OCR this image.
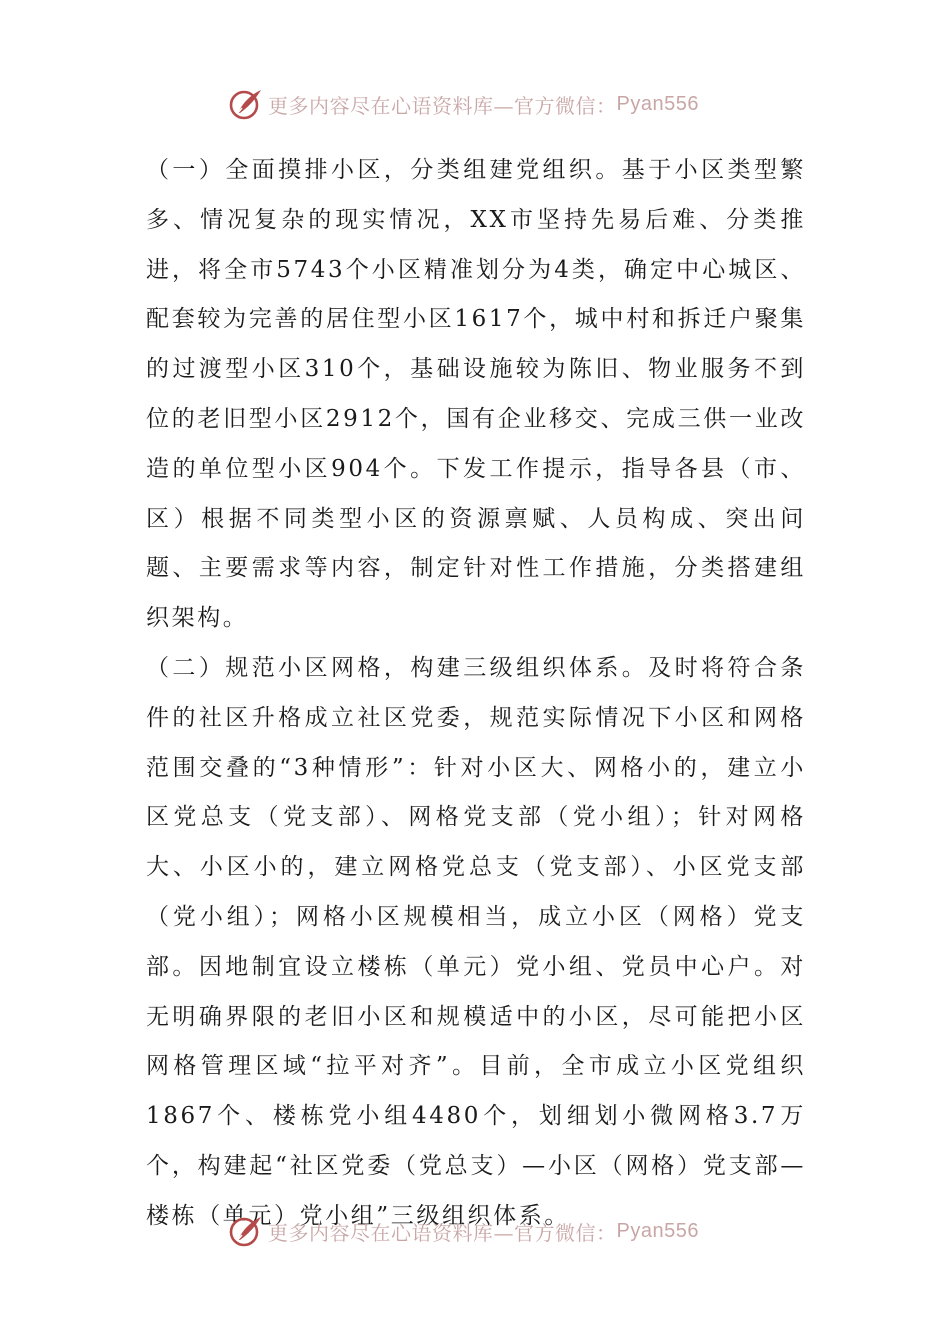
更多内容尽在心语资料库—官方微信： Pyan556

（一）全面摸排小区，分类组建党组织。基于小区类型繁多、情况复杂的现实情况，XX市坚持先易后难、分类推进，将全市5743个小区精准划分为4类，确定中心城区、配套较为完善的居住型小区1617个，城中村和拆迁户聚集的过渡型小区310个，基础设施较为陈旧、物业服务不到位的老旧型小区2912个，国有企业移交、完成三供一业改造的单位型小区904个。下发工作提示，指导各县（市、区）根据不同类型小区的资源禀赋、人员构成、突出问题、主要需求等内容，制定针对性工作措施，分类搭建组织架构。

（二）规范小区网格，构建三级组织体系。及时将符合条件的社区升格成立社区党委，规范实际情况下小区和网格范围交叠的“3种情形”：针对小区大、网格小的，建立小区党总支（党支部）、网格党支部（党小组）；针对网格大、小区小的，建立网格党总支（党支部）、小区党支部（党小组）；网格小区规模相当，成立小区（网格）党支部。因地制宜设立楼栋（单元）党小组、党员中心户。对无明确界限的老旧小区和规模适中的小区，尽可能把小区网格管理区域“拉平对齐”。目前，全市成立小区党组织1867个、楼栋党小组4480个，划细划小微网格3.7万个，构建起“社区党委（党总支）—小区（网格）党支部—楼栋（单元）党小组”三级组织体系。

更多内容尽在心语资料库—官方微信： Pyan556
